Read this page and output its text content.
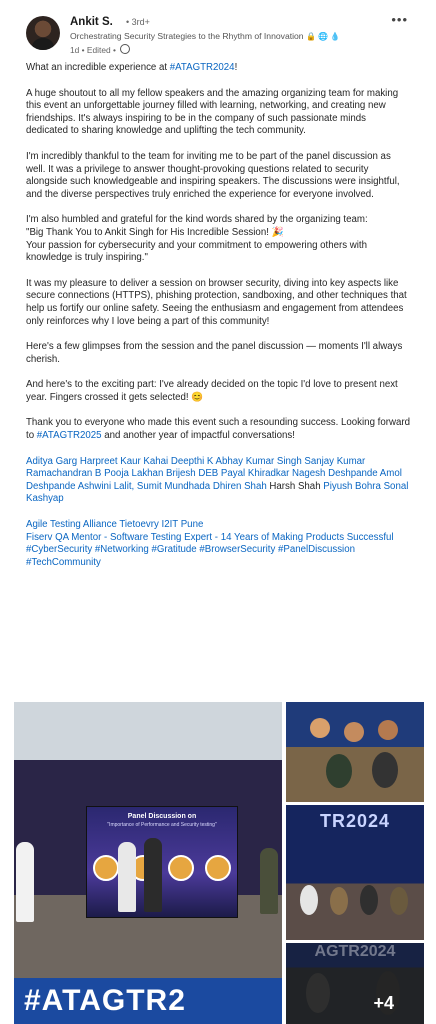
Ankit S. • 3rd+
Orchestrating Security Strategies to the Rhythm of Innovation 🔒 🌐 💧
1d • Edited •
•••

What an incredible experience at #ATAGTR2024!

A huge shoutout to all my fellow speakers and the amazing organizing team for making this event an unforgettable journey filled with learning, networking, and creating new friendships. It's always inspiring to be in the company of such passionate minds dedicated to sharing knowledge and uplifting the tech community.

I'm incredibly thankful to the team for inviting me to be part of the panel discussion as well. It was a privilege to answer thought-provoking questions related to security alongside such knowledgeable and inspiring speakers. The discussions were insightful, and the diverse perspectives truly enriched the experience for everyone involved.

I'm also humbled and grateful for the kind words shared by the organizing team:
"Big Thank You to Ankit Singh for His Incredible Session! 🎉
Your passion for cybersecurity and your commitment to empowering others with knowledge is truly inspiring."

It was my pleasure to deliver a session on browser security, diving into key aspects like secure connections (HTTPS), phishing protection, sandboxing, and other techniques that help us fortify our online safety. Seeing the enthusiasm and engagement from attendees only reinforces why I love being a part of this community!

Here's a few glimpses from the session and the panel discussion — moments I'll always cherish.

And here's to the exciting part: I've already decided on the topic I'd love to present next year. Fingers crossed it gets selected! 😊

Thank you to everyone who made this event such a resounding success. Looking forward to #ATAGTR2025 and another year of impactful conversations!

Aditya Garg Harpreet Kaur Kahai Deepthi K Abhay Kumar Singh Sanjay Kumar Ramachandran B Pooja Lakhan Brijesh DEB Payal Khiradkar Nagesh Deshpande Amol Deshpande Ashwini Lalit, Sumit Mundhada Dhiren Shah Harsh Shah Piyush Bohra Sonal Kashyap

Agile Testing Alliance Tietoevry I2IT Pune
Fiserv QA Mentor - Software Testing Expert - 14 Years of Making Products Successful
#CyberSecurity #Networking #Gratitude #BrowserSecurity #PanelDiscussion
#TechCommunity
Panel Discussion on
"Importance of Performance and Security testing"
#ATAGTR2
TR2024
AGTR2024
+4
